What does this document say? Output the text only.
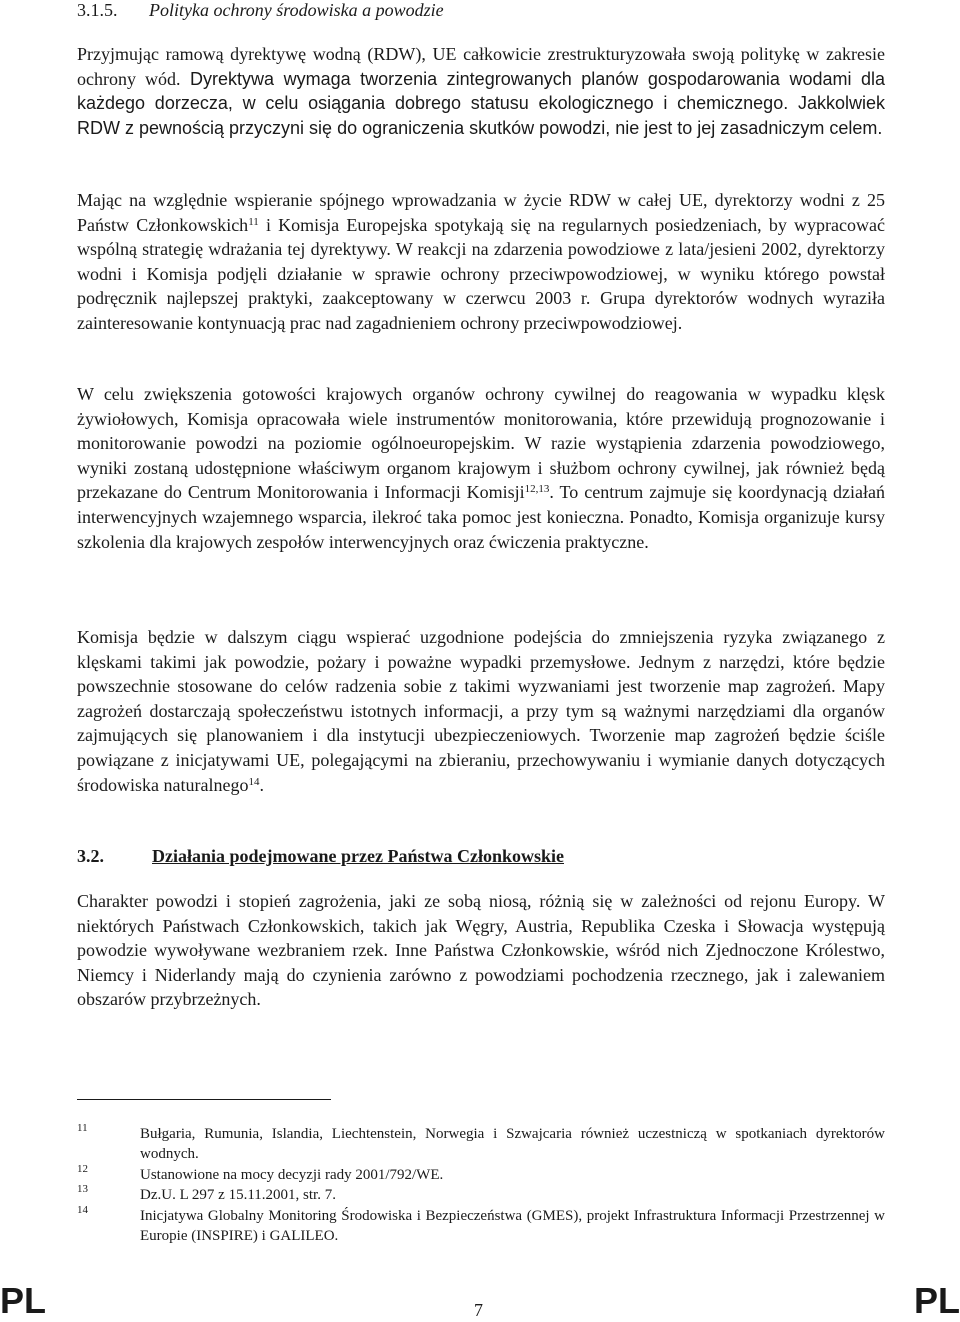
3.1.5. Polityka ochrony środowiska a powodzie

Przyjmując ramową dyrektywę wodną (RDW), UE całkowicie zrestrukturyzowała swoją politykę w zakresie ochrony wód. Dyrektywa wymaga tworzenia zintegrowanych planów gospodarowania wodami dla każdego dorzecza, w celu osiągania dobrego statusu ekologicznego i chemicznego. Jakkolwiek RDW z pewnością przyczyni się do ograniczenia skutków powodzi, nie jest to jej zasadniczym celem.

Mając na względnie wspieranie spójnego wprowadzania w życie RDW w całej UE, dyrektorzy wodni z 25 Państw Członkowskich$^{11}$ i Komisja Europejska spotykają się na regularnych posiedzeniach, by wypracować wspólną strategię wdrażania tej dyrektywy. W reakcji na zdarzenia powodziowe z lata/jesieni 2002, dyrektorzy wodni i Komisja podjęli działanie w sprawie ochrony przeciwpowodziowej, w wyniku którego powstał podręcznik najlepszej praktyki, zaakceptowany w czerwcu 2003 r. Grupa dyrektorów wodnych wyraziła zainteresowanie kontynuacją prac nad zagadnieniem ochrony przeciwpowodziowej.

W celu zwiększenia gotowości krajowych organów ochrony cywilnej do reagowania w wypadku klęsk żywiołowych, Komisja opracowała wiele instrumentów monitorowania, które przewidują prognozowanie i monitorowanie powodzi na poziomie ogólnoeuropejskim. W razie wystąpienia zdarzenia powodziowego, wyniki zostaną udostępnione właściwym organom krajowym i służbom ochrony cywilnej, jak również będą przekazane do Centrum Monitorowania i Informacji Komisji$^{12,13}$. To centrum zajmuje się koordynacją działań interwencyjnych wzajemnego wsparcia, ilekroć taka pomoc jest konieczna. Ponadto, Komisja organizuje kursy szkolenia dla krajowych zespołów interwencyjnych oraz ćwiczenia praktyczne.

Komisja będzie w dalszym ciągu wspierać uzgodnione podejścia do zmniejszenia ryzyka związanego z klęskami takimi jak powodzie, pożary i poważne wypadki przemysłowe. Jednym z narzędzi, które będzie powszechnie stosowane do celów radzenia sobie z takimi wyzwaniami jest tworzenie map zagrożeń. Mapy zagrożeń dostarczają społeczeństwu istotnych informacji, a przy tym są ważnymi narzędziami dla organów zajmujących się planowaniem i dla instytucji ubezpieczeniowych. Tworzenie map zagrożeń będzie ściśle powiązane z inicjatywami UE, polegającymi na zbieraniu, przechowywaniu i wymianie danych dotyczących środowiska naturalnego$^{14}$.

3.2.	Działania podejmowane przez Państwa Członkowskie

Charakter powodzi i stopień zagrożenia, jaki ze sobą niosą, różnią się w zależności od rejonu Europy. W niektórych Państwach Członkowskich, takich jak Węgry, Austria, Republika Czeska i Słowacja występują powodzie wywoływane wezbraniem rzek. Inne Państwa Członkowskie, wśród nich Zjednoczone Królestwo, Niemcy i Niderlandy mają do czynienia zarówno z powodziami pochodzenia rzecznego, jak i zalewaniem obszarów przybrzeżnych.

11	Bułgaria, Rumunia, Islandia, Liechtenstein, Norwegia i Szwajcaria również uczestniczą w spotkaniach dyrektorów wodnych.
12	Ustanowione na mocy decyzji rady 2001/792/WE.
13	Dz.U. L 297 z 15.11.2001, str. 7.
14	Inicjatywa Globalny Monitoring Środowiska i Bezpieczeństwa (GMES), projekt Infrastruktura Informacji Przestrzennej w Europie (INSPIRE) i GALILEO.
PL	7	PL
